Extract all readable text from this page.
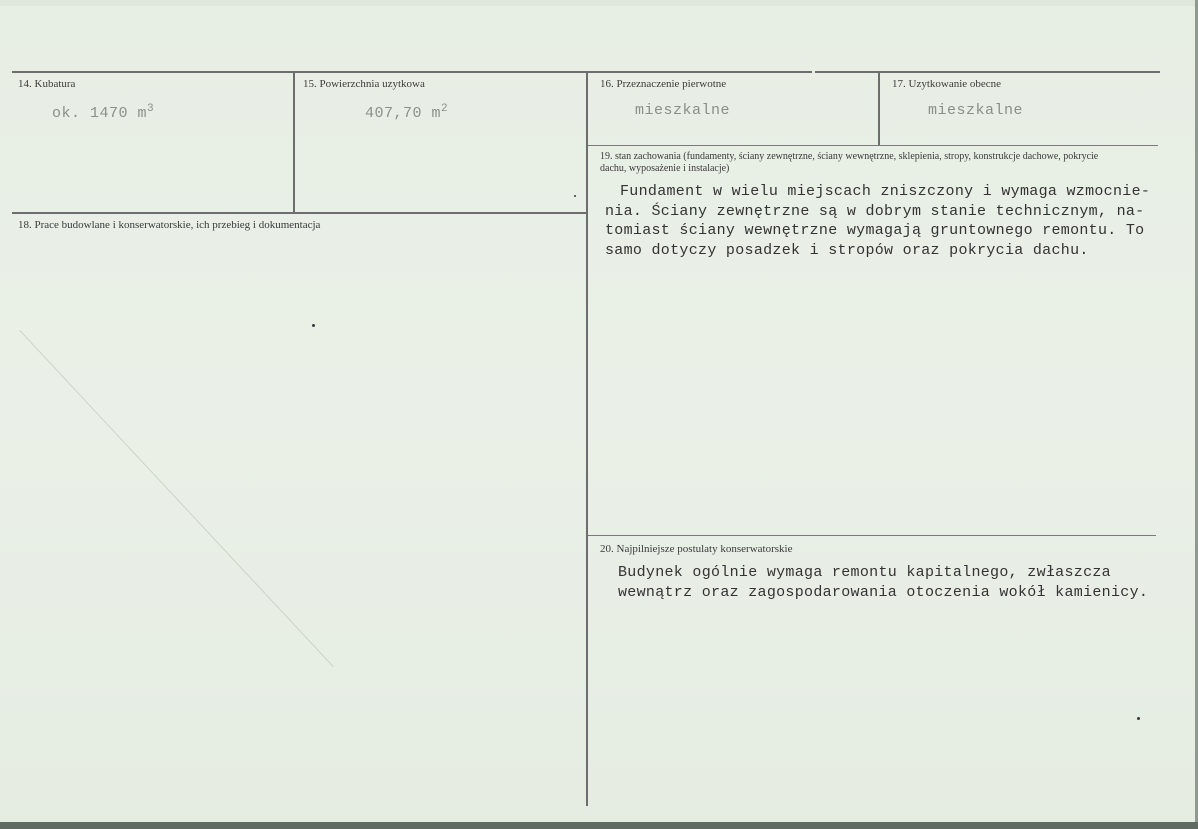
14. Kubatura
ok. 1470 $m^3$
15. Powierzchnia uzytkowa
407,70 $m^2$
16. Przeznaczenie pierwotne
mieszkalne
17. Uzytkowanie obecne
mieszkalne
18. Prace budowlane i konserwatorskie, ich przebieg i dokumentacja
19. stan zachowania (fundamenty, ściany zewnętrzne, ściany wewnętrzne, sklepienia, stropy, konstrukcje dachowe, pokrycie dachu, wyposażenie i instalacje)
Fundament w wielu miejscach zniszczony i wymaga wzmocnie-
nia. Ściany zewnętrzne są w dobrym stanie technicznym, na-
tomiast ściany wewnętrzne wymagają gruntownego remontu. To
samo dotyczy posadzek i stropów oraz pokrycia dachu.
20. Najpilniejsze postulaty konserwatorskie
Budynek ogólnie wymaga remontu kapitalnego, zwłaszcza
wewnątrz oraz zagospodarowania otoczenia wokół kamienicy.
